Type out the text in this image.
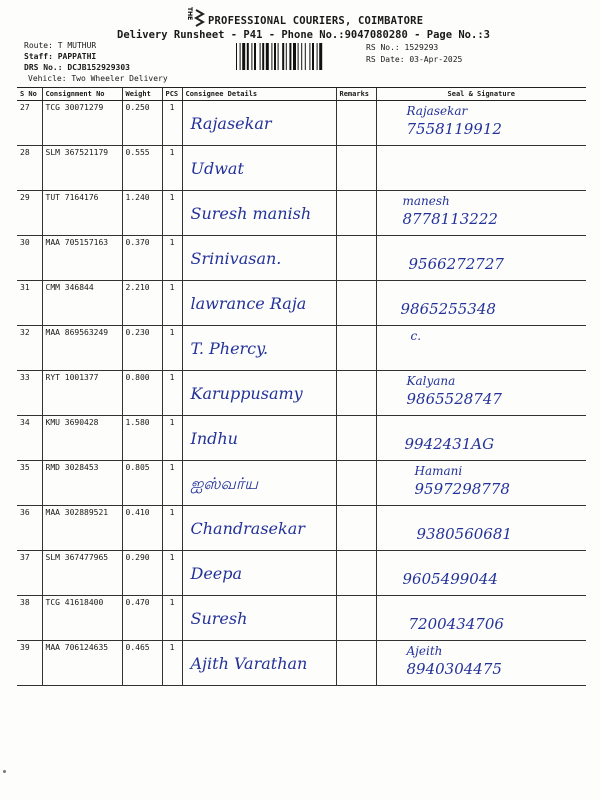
THE
PROFESSIONAL COURIERS, COIMBATORE
Delivery Runsheet - P41 - Phone No.:9047080280 - Page No.:3
Route: T MUTHUR
Staff: PAPPATHI
DRS No.: DCJB152929303
Vehicle: Two Wheeler Delivery
RS No.: 1529293
RS Date: 03-Apr-2025
S No	Consignment No	Weight	PCS	Consignee Details	Remarks	Seal & Signature
27	TCG 30071279	0.250	1	Rajasekar		Rajasekar
7558119912

28	SLM 367521179	0.555	1	Udwat		

29	TUT 7164176	1.240	1	Suresh manish		manesh
8778113222

30	MAA 705157163	0.370	1	Srinivasan.		9566272727

31	CMM 346844	2.210	1	lawrance Raja		9865255348

32	MAA 869563249	0.230	1	T. Phercy.		c.

33	RYT 1001377	0.800	1	Karuppusamy		Kalyana
9865528747

34	KMU 3690428	1.580	1	Indhu		9942431AG

35	RMD 3028453	0.805	1	ஐஸ்வர்ய		Hamani
9597298778

36	MAA 302889521	0.410	1	Chandrasekar		9380560681

37	SLM 367477965	0.290	1	Deepa		9605499044

38	TCG 41618400	0.470	1	Suresh		7200434706

39	MAA 706124635	0.465	1	Ajith Varathan		Ajeith
8940304475
